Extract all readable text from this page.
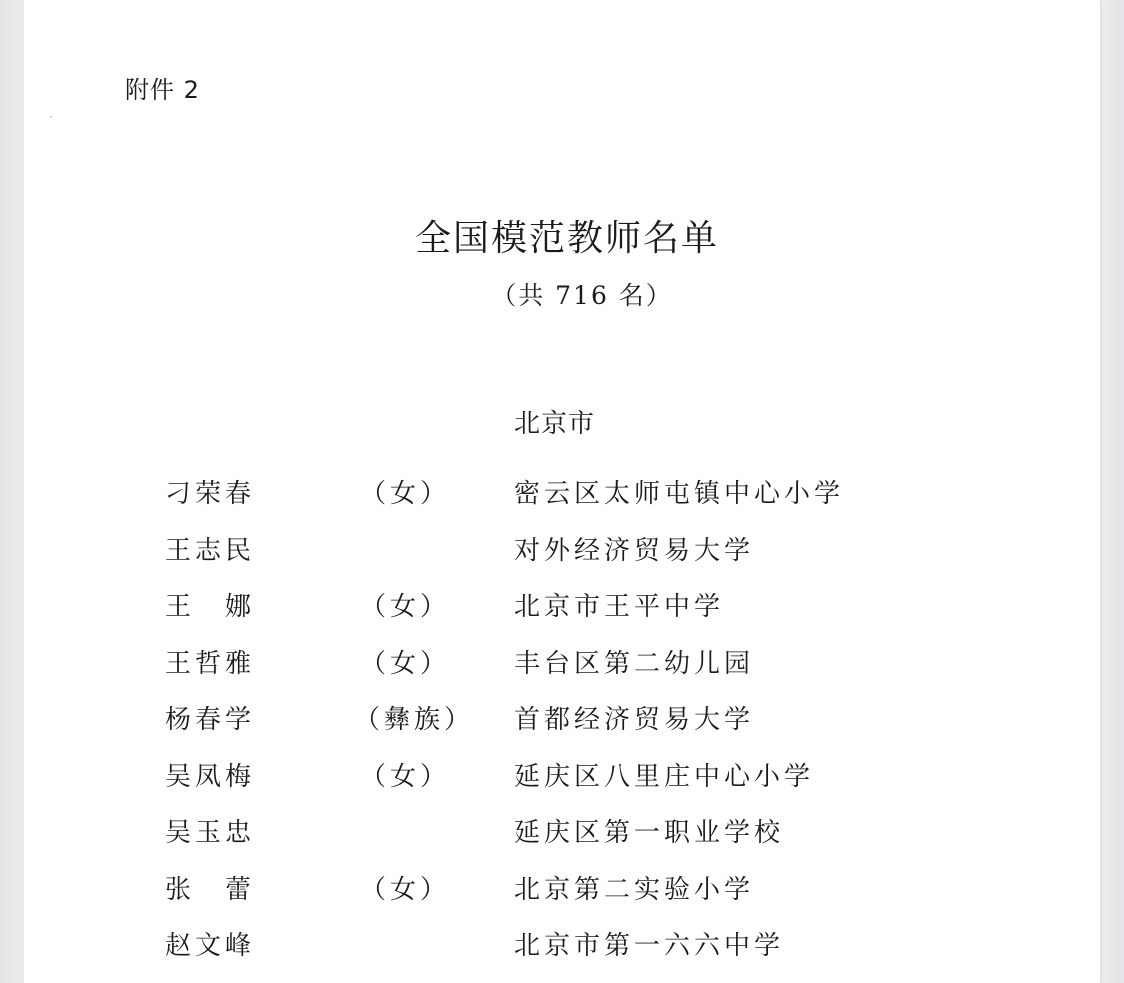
附件 2
全国模范教师名单
（共 716 名）
北京市
刁荣春	（女） 密云区太师屯镇中心小学
王志民	对外经济贸易大学
王　娜	（女） 北京市王平中学
王哲雅	（女） 丰台区第二幼儿园
杨春学	（彝族） 首都经济贸易大学
吴凤梅	（女） 延庆区八里庄中心小学
吴玉忠	延庆区第一职业学校
张　蕾	（女） 北京第二实验小学
赵文峰	北京市第一六六中学
